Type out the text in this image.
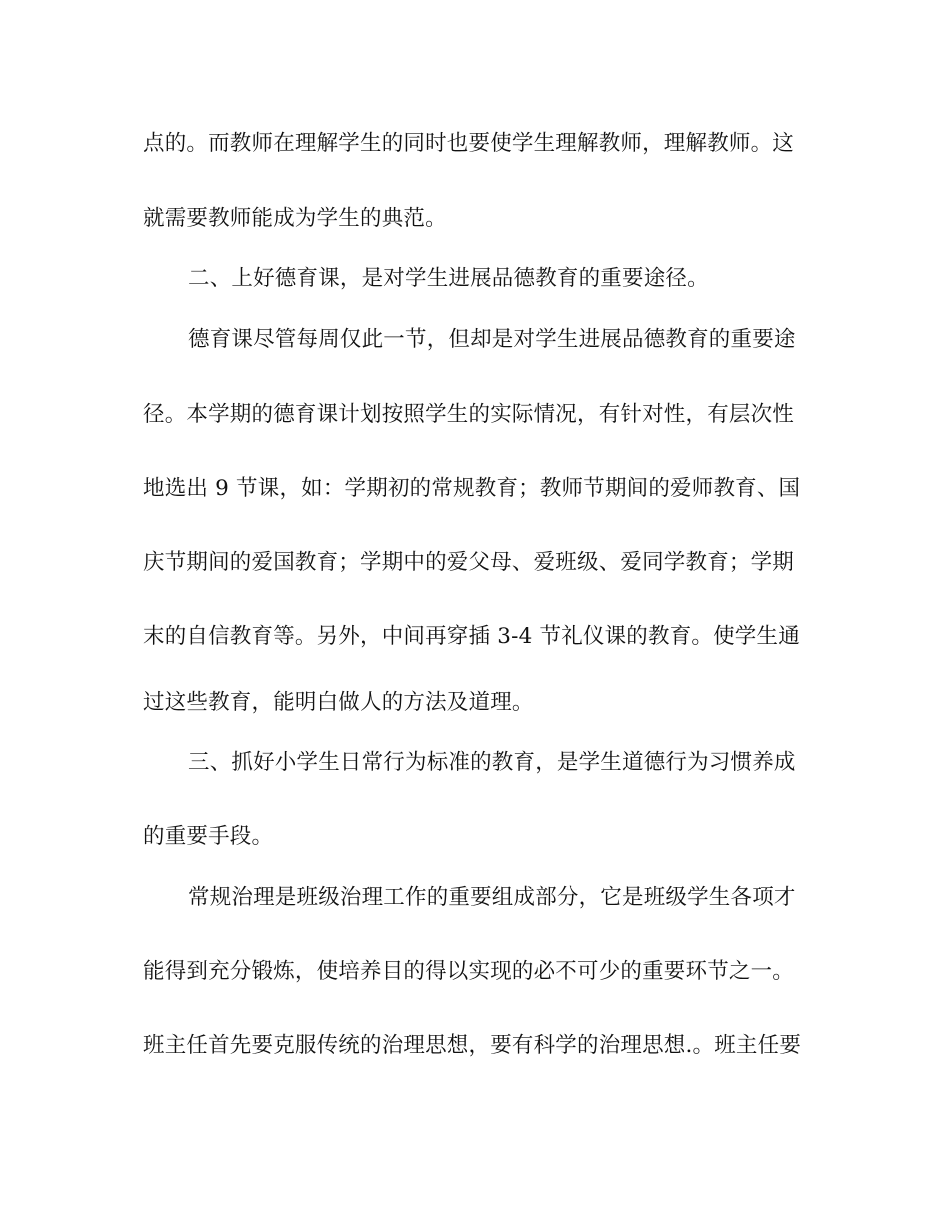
点的。而教师在理解学生的同时也要使学生理解教师，理解教师。这
就需要教师能成为学生的典范。
二、上好德育课，是对学生进展品德教育的重要途径。
德育课尽管每周仅此一节，但却是对学生进展品德教育的重要途
径。本学期的德育课计划按照学生的实际情况，有针对性，有层次性
地选出 9 节课，如：学期初的常规教育；教师节期间的爱师教育、国
庆节期间的爱国教育；学期中的爱父母、爱班级、爱同学教育；学期
末的自信教育等。另外，中间再穿插 3-4 节礼仪课的教育。使学生通
过这些教育，能明白做人的方法及道理。
三、抓好小学生日常行为标准的教育，是学生道德行为习惯养成
的重要手段。
常规治理是班级治理工作的重要组成部分，它是班级学生各项才
能得到充分锻炼，使培养目的得以实现的必不可少的重要环节之一。
班主任首先要克服传统的治理思想，要有科学的治理思想.。班主任要
